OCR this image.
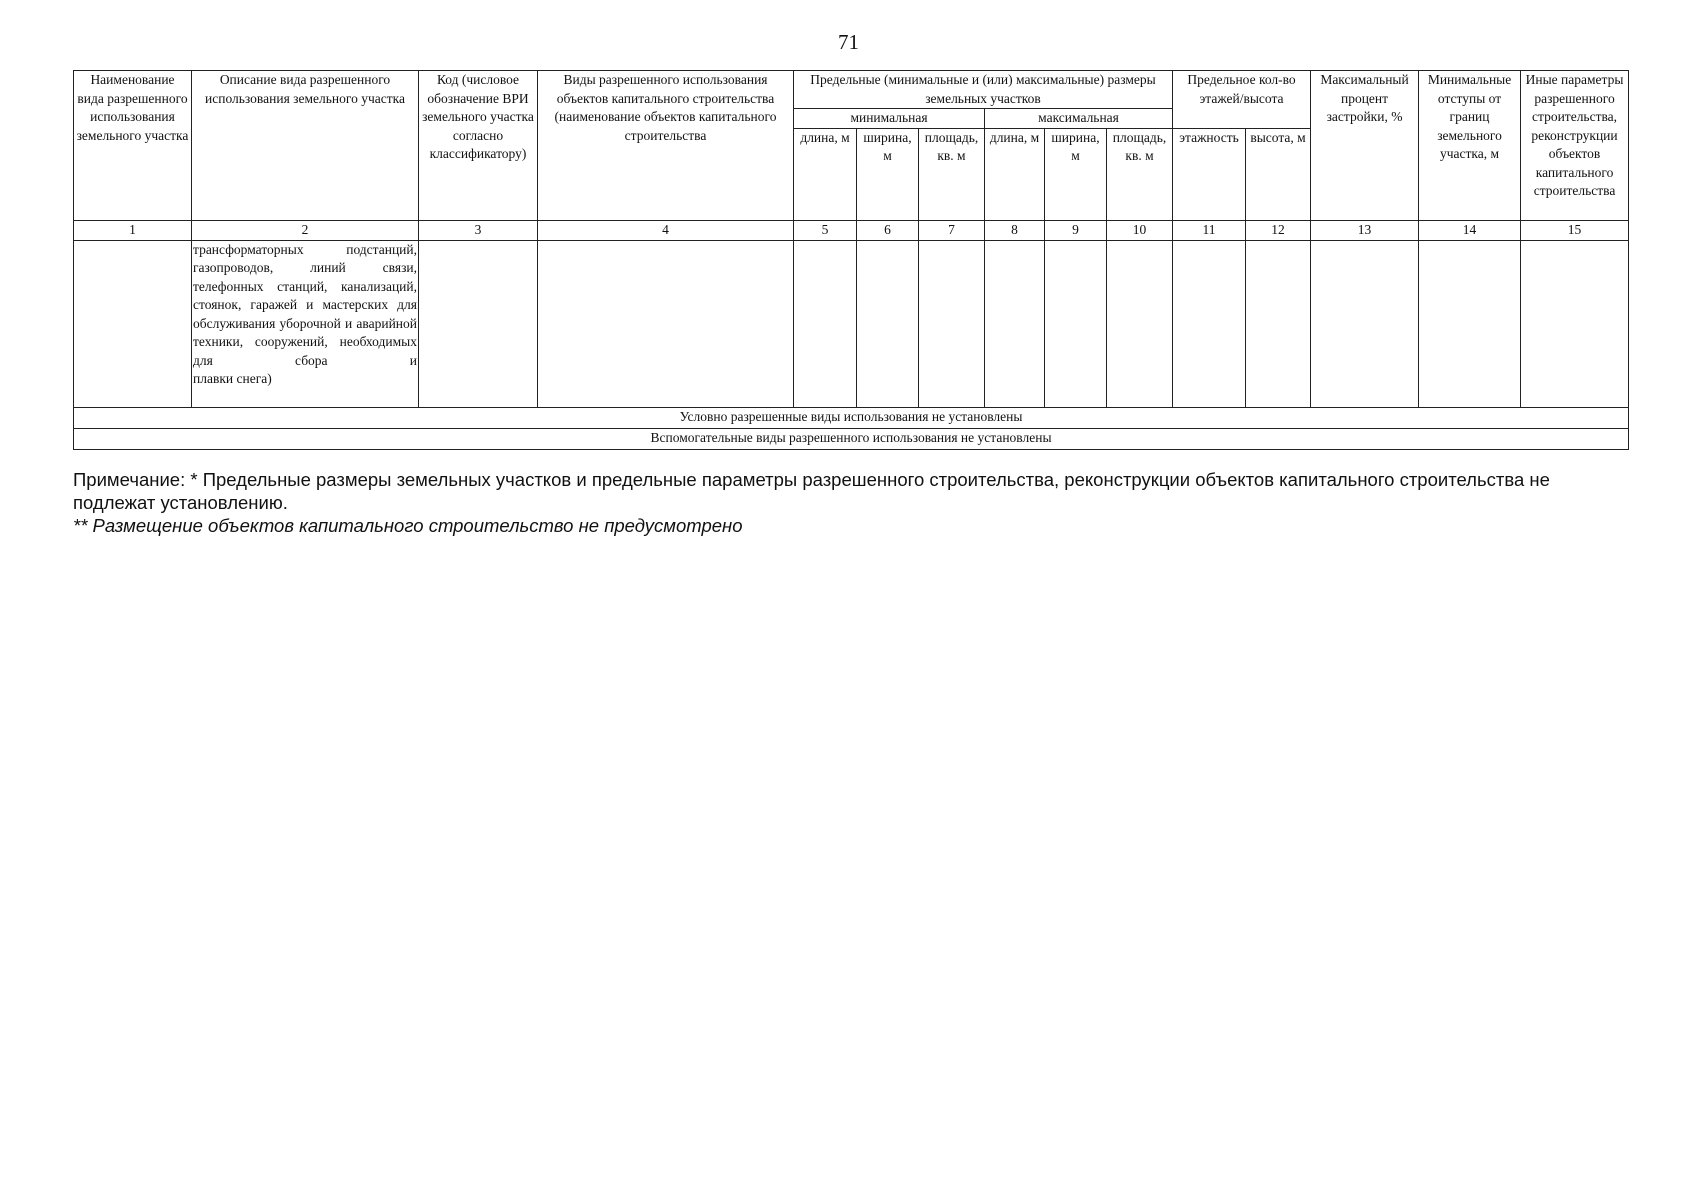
71
Наименование вида разрешенного использования земельного участка	Описание вида разрешенного использования земельного участка	Код (числовое обозначение ВРИ земельного участка согласно классификатору)	Виды разрешенного использования объектов капитального строительства (наименование объектов капитального строительства	Предельные (минимальные и (или) максимальные) размеры земельных участков						Предельное кол-во этажей/высота		Максимальный процент застройки, %	Минимальные отступы от границ земельного участка, м	Иные параметры разрешенного строительства, реконструкции объектов капитального строительства
				минимальная			максимальная							
				длина, м	ширина, м	площадь, кв. м	длина, м	ширина, м	площадь, кв. м	этажность	высота, м			
1	2	3	4	5	6	7	8	9	10	11	12	13	14	15
	трансформаторных подстанций, газопроводов, линий связи, телефонных станций, канализаций, стоянок, гаражей и мастерских для обслуживания уборочной и аварийной техники, сооружений, необходимых для сбора и
плавки снега)													

Условно разрешенные виды использования не установлены														
Вспомогательные виды разрешенного использования не установлены														

Примечание: * Предельные размеры земельных участков и предельные параметры разрешенного строительства, реконструкции объектов капитального строительства не подлежат установлению.

** Размещение объектов капитального строительство не предусмотрено
